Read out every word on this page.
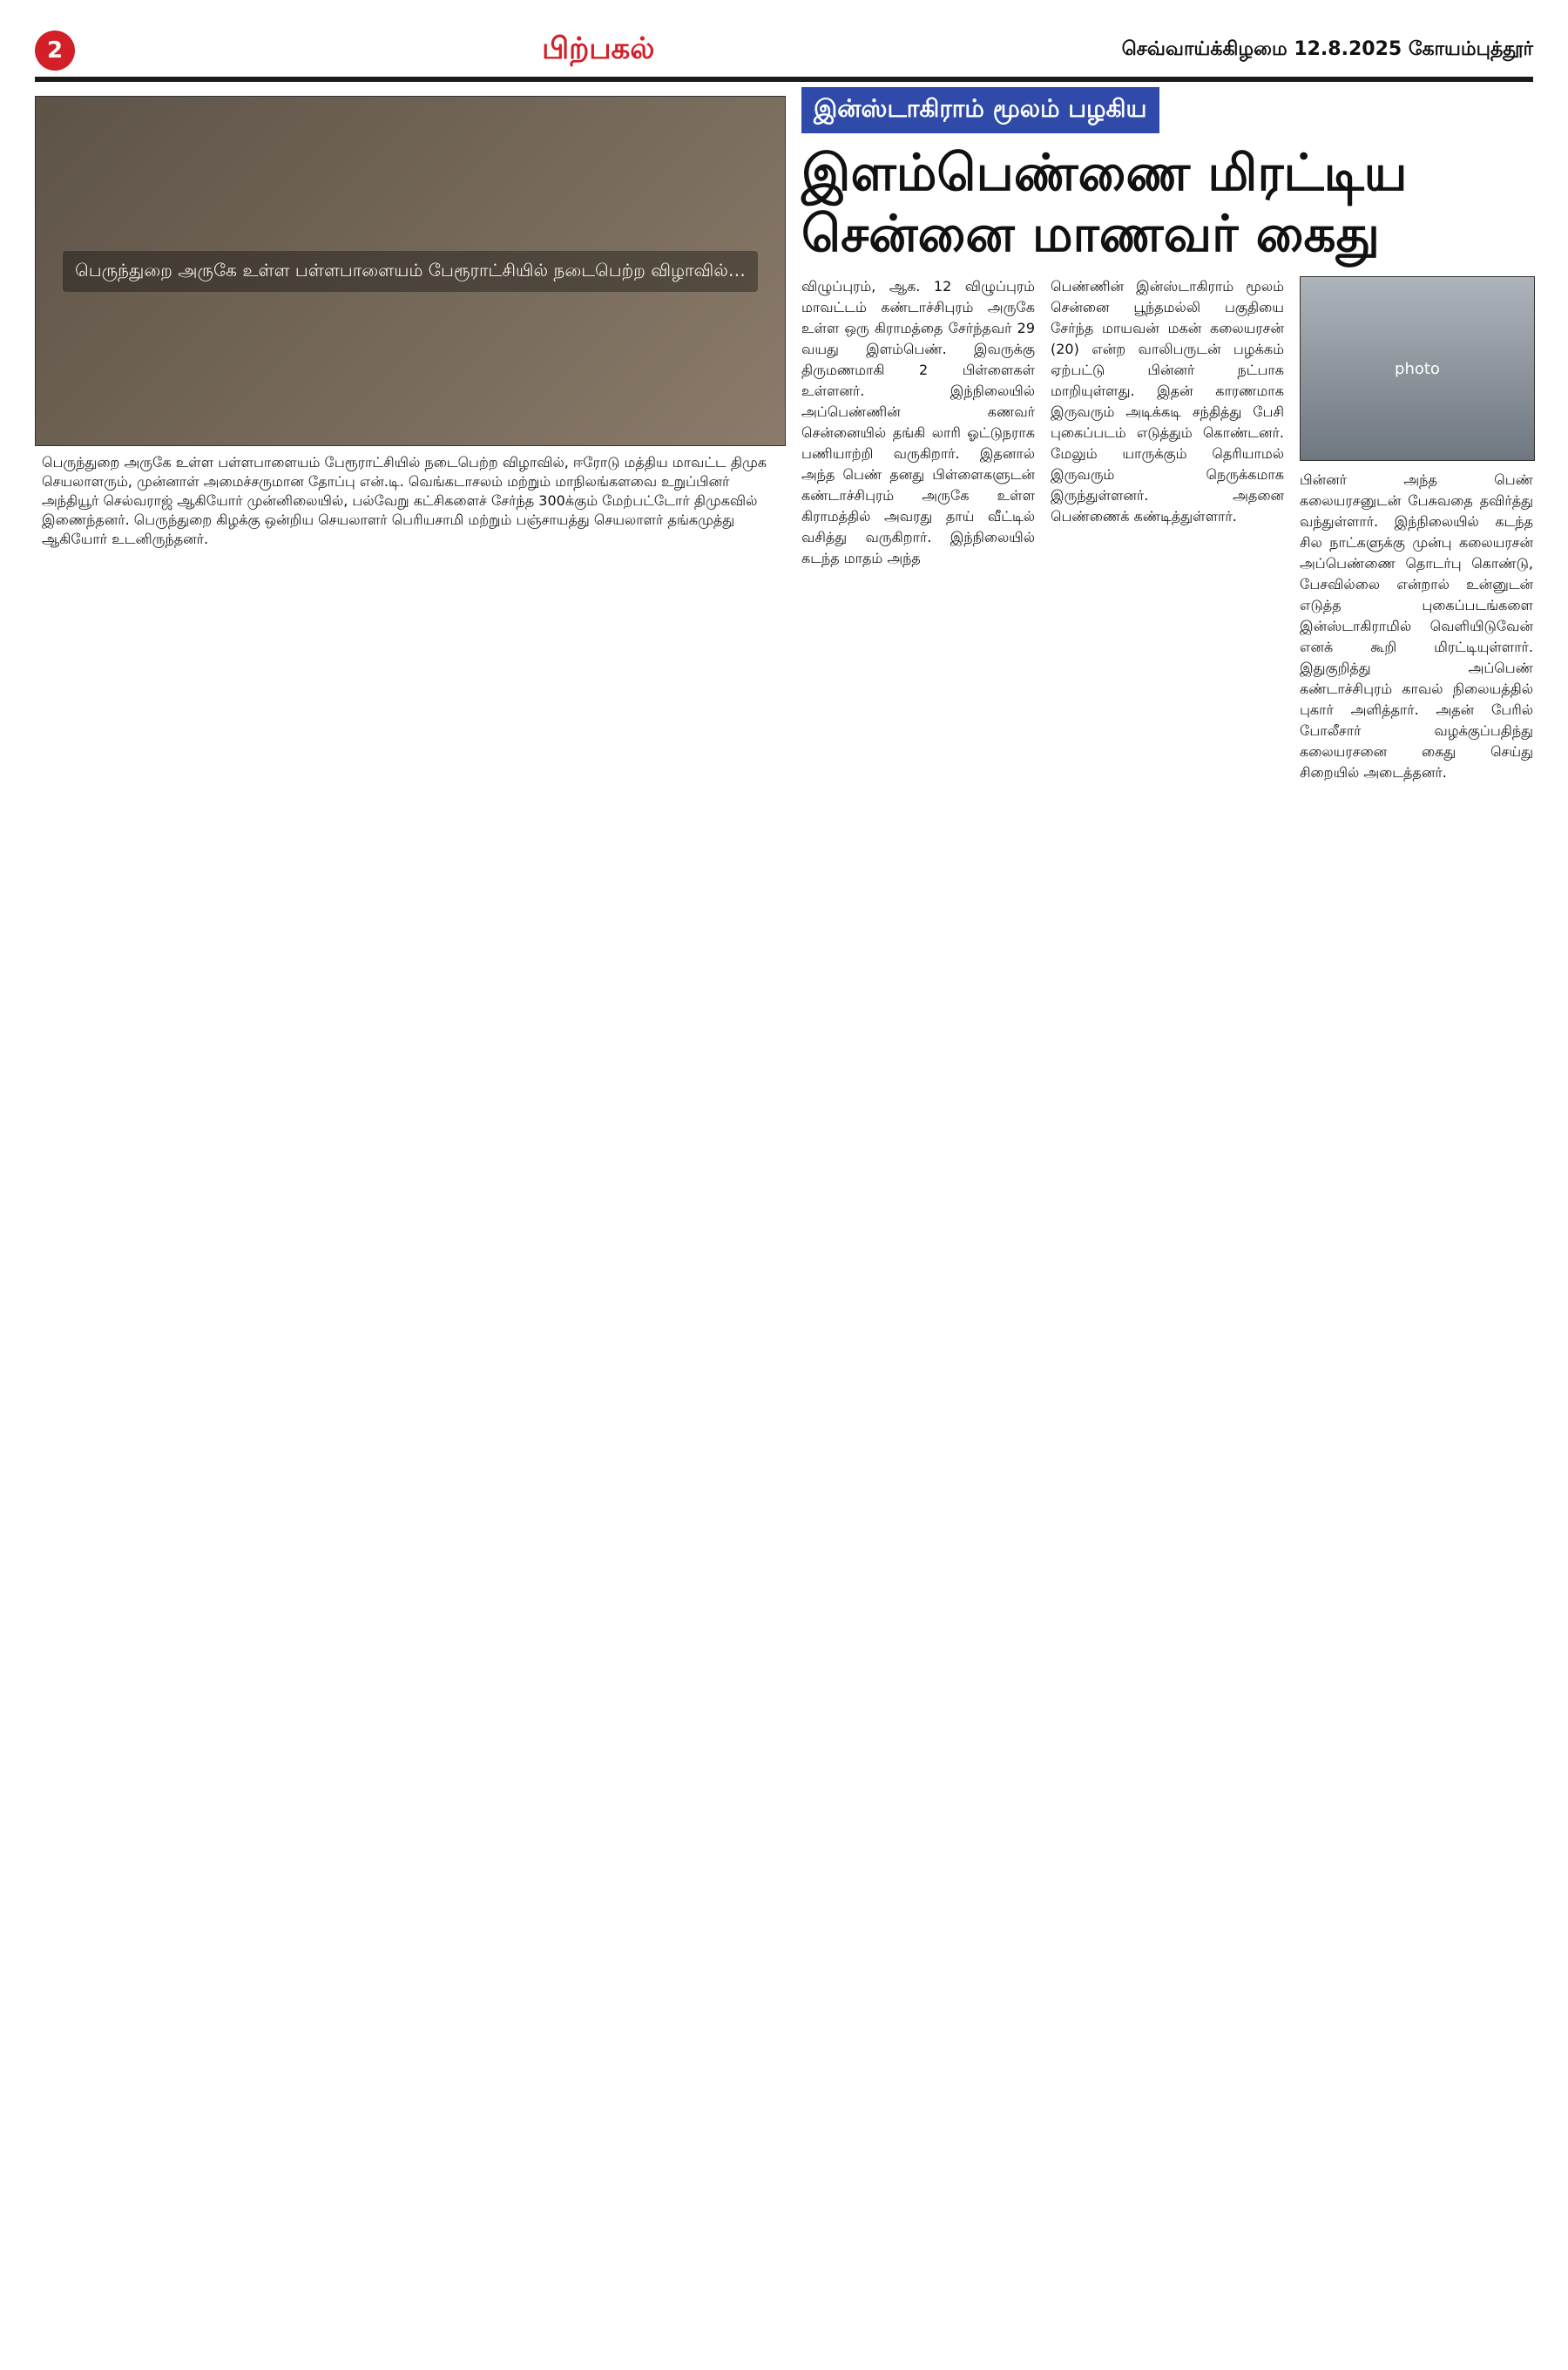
2	பிற்பகல்	செவ்வாய்க்கிழமை 12.8.2025 கோயம்புத்தூர்
பெருந்துறை அருகே உள்ள பள்ளபாளையம் பேரூராட்சியில் நடைபெற்ற விழாவில்…
பெருந்துறை அருகே உள்ள பள்ளபாளையம் பேரூராட்சியில் நடைபெற்ற விழாவில், ஈரோடு மத்திய மாவட்ட திமுக செயலாளரும், முன்னாள் அமைச்சருமான தோப்பு என்.டி. வெங்கடாசலம் மற்றும் மாநிலங்களவை உறுப்பினர் அந்தியூர் செல்வராஜ் ஆகியோர் முன்னிலையில், பல்வேறு கட்சிகளைச் சேர்ந்த 300க்கும் மேற்பட்டோர் திமுகவில் இணைந்தனர். பெருந்துறை கிழக்கு ஒன்றிய செயலாளர் பெரியசாமி மற்றும் பஞ்சாயத்து செயலாளர் தங்கமுத்து ஆகியோர் உடனிருந்தனர்.
இன்ஸ்டாகிராம் மூலம் பழகிய
இளம்பெண்ணை மிரட்டிய சென்னை மாணவர் கைது

விழுப்புரம், ஆக. 12 விழுப்புரம் மாவட்டம் கண்டாச்சிபுரம் அருகே உள்ள ஒரு கிராமத்தை சேர்ந்தவர் 29 வயது இளம்பெண். இவருக்கு திருமணமாகி 2 பிள்ளைகள் உள்ளனர். இந்நிலையில் அப்பெண்ணின் கணவர் சென்னையில் தங்கி லாரி ஓட்டுநராக பணியாற்றி வருகிறார். இதனால் அந்த பெண் தனது பிள்ளைகளுடன் கண்டாச்சிபுரம் அருகே உள்ள கிராமத்தில் அவரது தாய் வீட்டில் வசித்து வருகிறார். இந்நிலையில் கடந்த மாதம் அந்த

பெண்ணின் இன்ஸ்டாகிராம் மூலம் சென்னை பூந்தமல்லி பகுதியை சேர்ந்த மாயவன் மகன் கலையரசன் (20) என்ற வாலிபருடன் பழக்கம் ஏற்பட்டு பின்னர் நட்பாக மாறியுள்ளது. இதன் காரணமாக இருவரும் அடிக்கடி சந்தித்து பேசி புகைப்படம் எடுத்தும் கொண்டனர். மேலும் யாருக்கும் தெரியாமல் இருவரும் நெருக்கமாக இருந்துள்ளனர். அதனை பெண்ணைக் கண்டித்துள்ளார்.

photo

பின்னர் அந்த பெண் கலையரசனுடன் பேசுவதை தவிர்த்து வந்துள்ளார். இந்நிலையில் கடந்த சில நாட்களுக்கு முன்பு கலையரசன் அப்பெண்ணை தொடர்பு கொண்டு, பேசவில்லை என்றால் உன்னுடன் எடுத்த புகைப்படங்களை இன்ஸ்டாகிராமில் வெளியிடுவேன் எனக் கூறி மிரட்டியுள்ளார். இதுகுறித்து அப்பெண் கண்டாச்சிபுரம் காவல் நிலையத்தில் புகார் அளித்தார். அதன் பேரில் போலீசார் வழக்குப்பதிந்து கலையரசனை கைது செய்து சிறையில் அடைத்தனர்.
